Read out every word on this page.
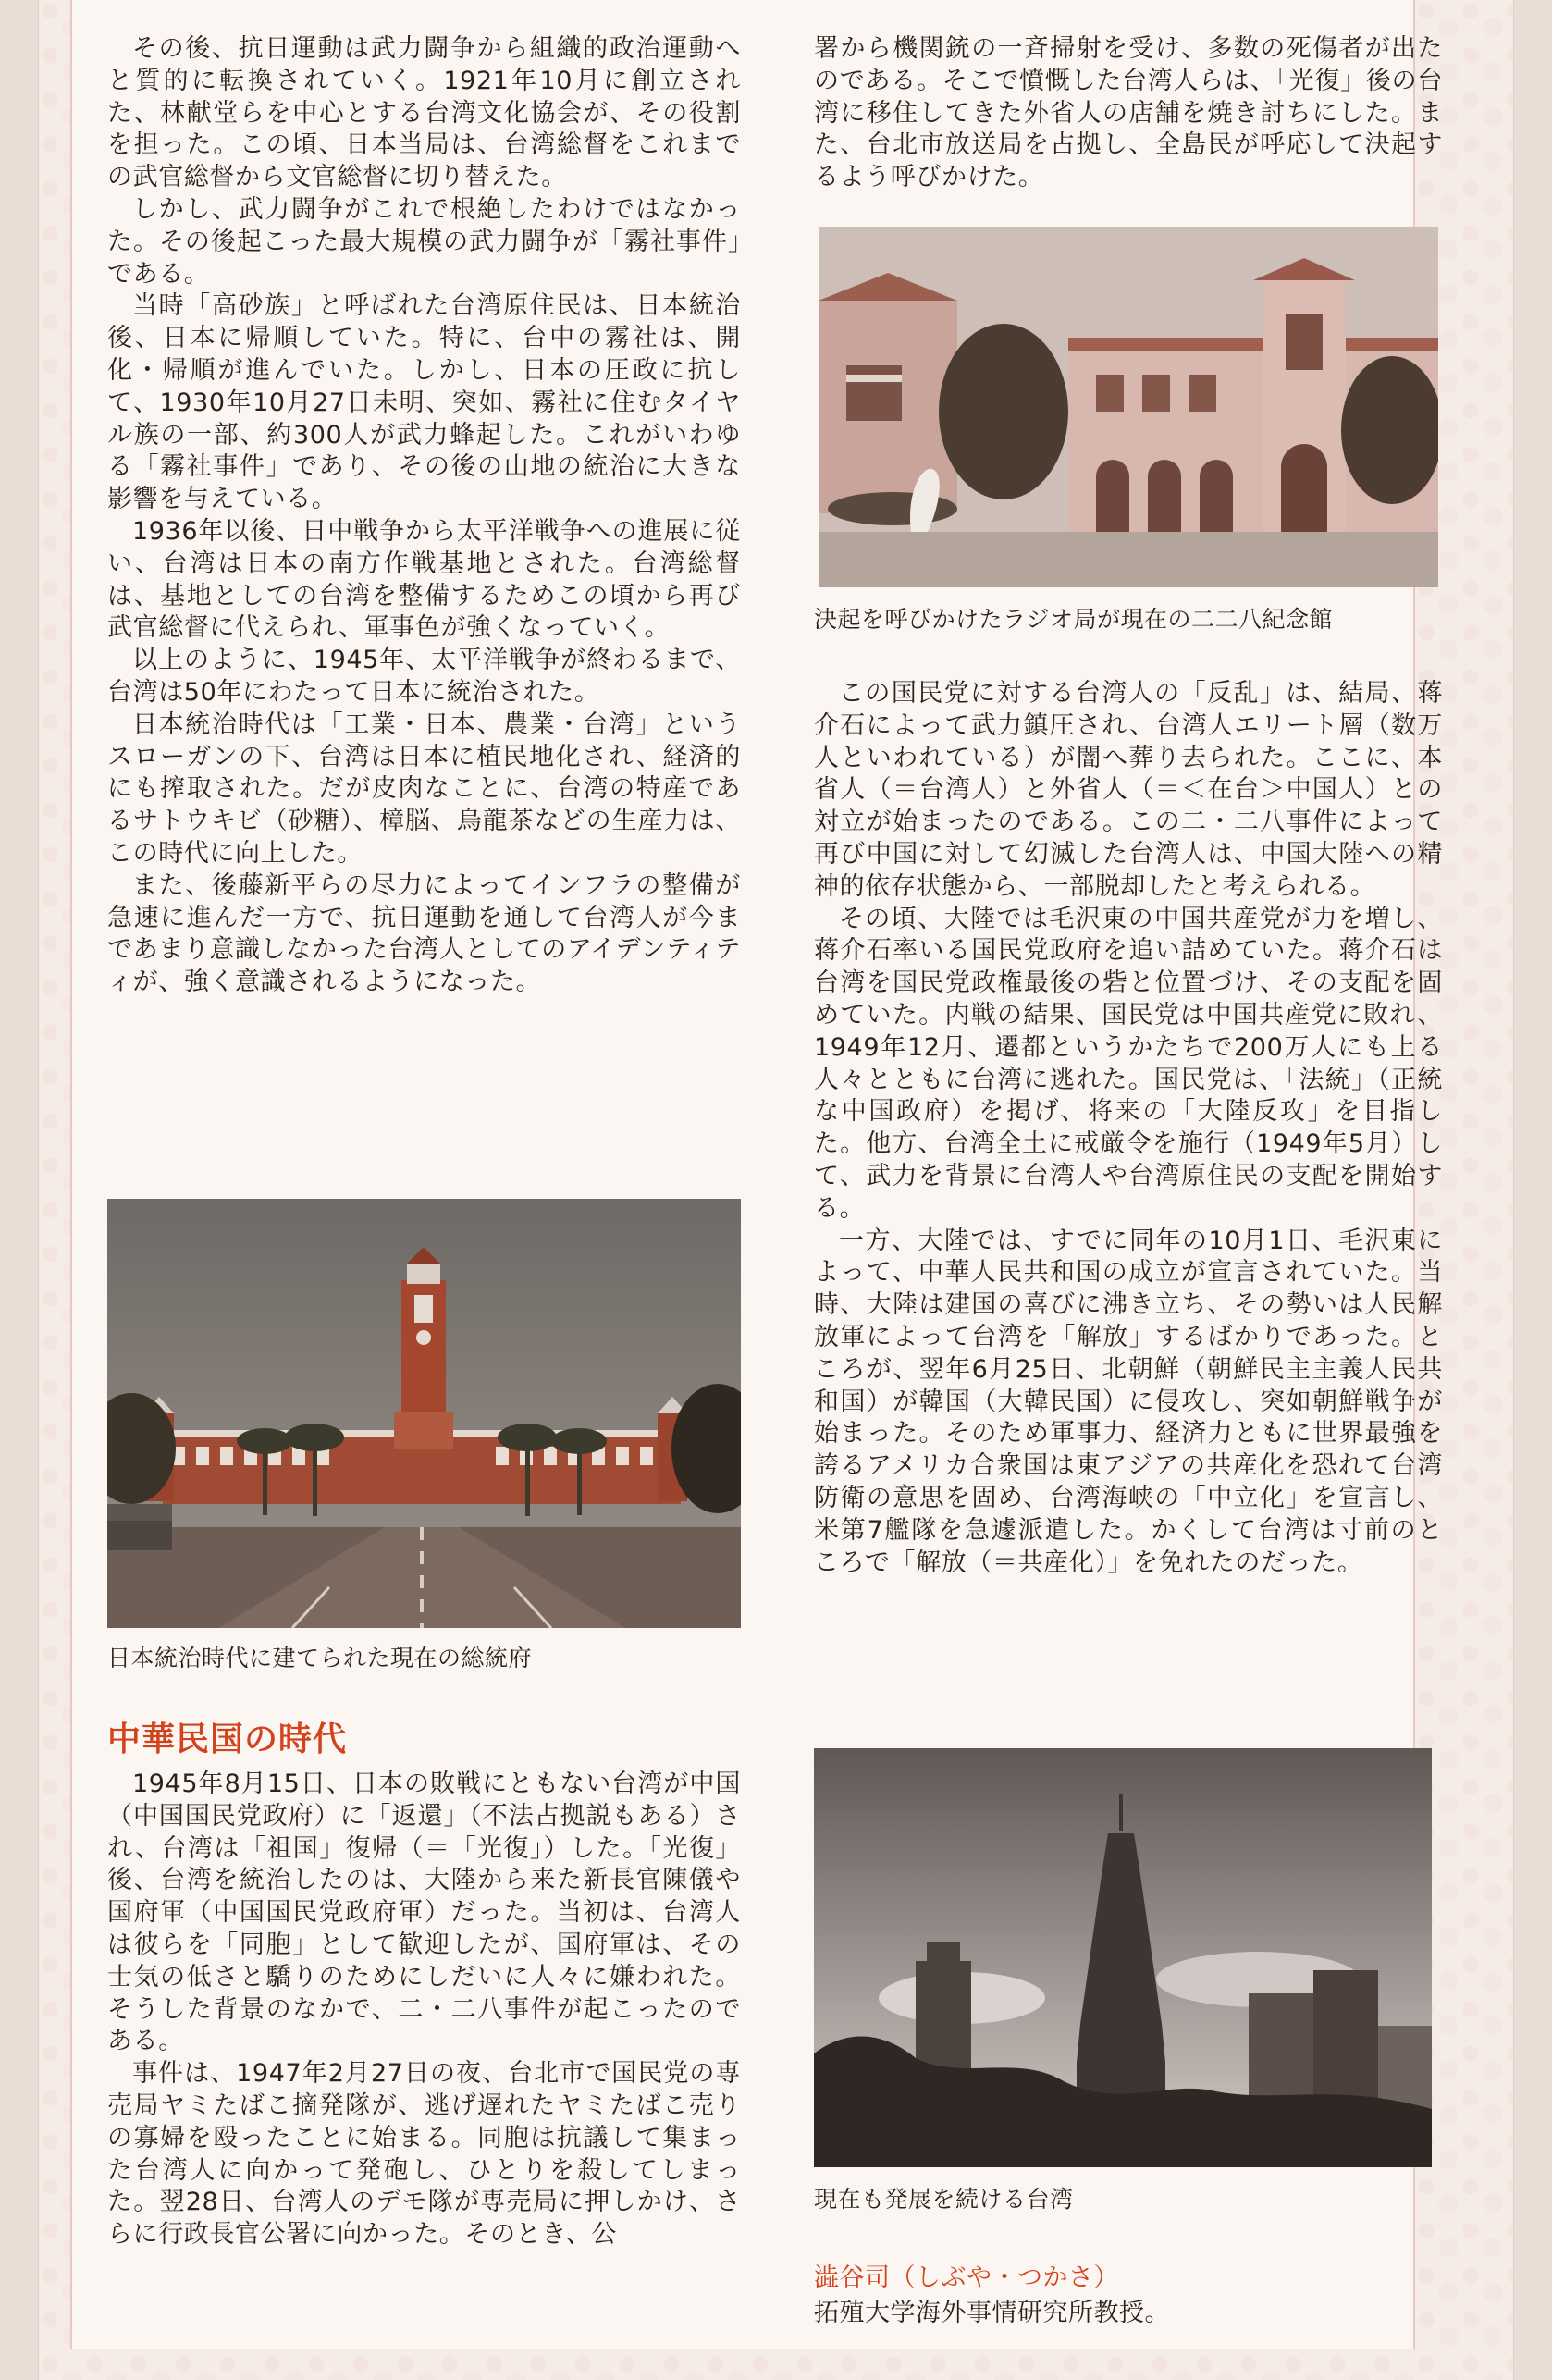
その後、抗日運動は武力闘争から組織的政治運動へと質的に転換されていく。1921年10月に創立された、林献堂らを中心とする台湾文化協会が、その役割を担った。この頃、日本当局は、台湾総督をこれまでの武官総督から文官総督に切り替えた。

しかし、武力闘争がこれで根絶したわけではなかった。その後起こった最大規模の武力闘争が「霧社事件」である。

当時「高砂族」と呼ばれた台湾原住民は、日本統治後、日本に帰順していた。特に、台中の霧社は、開化・帰順が進んでいた。しかし、日本の圧政に抗して、1930年10月27日未明、突如、霧社に住むタイヤル族の一部、約300人が武力蜂起した。これがいわゆる「霧社事件」であり、その後の山地の統治に大きな影響を与えている。

1936年以後、日中戦争から太平洋戦争への進展に従い、台湾は日本の南方作戦基地とされた。台湾総督は、基地としての台湾を整備するためこの頃から再び武官総督に代えられ、軍事色が強くなっていく。

以上のように、1945年、太平洋戦争が終わるまで、台湾は50年にわたって日本に統治された。

日本統治時代は「工業・日本、農業・台湾」というスローガンの下、台湾は日本に植民地化され、経済的にも搾取された。だが皮肉なことに、台湾の特産であるサトウキビ（砂糖）、樟脳、烏龍茶などの生産力は、この時代に向上した。

また、後藤新平らの尽力によってインフラの整備が急速に進んだ一方で、抗日運動を通して台湾人が今まであまり意識しなかった台湾人としてのアイデンティティが、強く意識されるようになった。

日本統治時代に建てられた現在の総統府
中華民国の時代

1945年8月15日、日本の敗戦にともない台湾が中国（中国国民党政府）に「返還」（不法占拠説もある）され、台湾は「祖国」復帰（＝「光復」）した。「光復」後、台湾を統治したのは、大陸から来た新長官陳儀や国府軍（中国国民党政府軍）だった。当初は、台湾人は彼らを「同胞」として歓迎したが、国府軍は、その士気の低さと驕りのためにしだいに人々に嫌われた。そうした背景のなかで、二・二八事件が起こったのである。

事件は、1947年2月27日の夜、台北市で国民党の専売局ヤミたばこ摘発隊が、逃げ遅れたヤミたばこ売りの寡婦を殴ったことに始まる。同胞は抗議して集まった台湾人に向かって発砲し、ひとりを殺してしまった。翌28日、台湾人のデモ隊が専売局に押しかけ、さらに行政長官公署に向かった。そのとき、公

署から機関銃の一斉掃射を受け、多数の死傷者が出たのである。そこで憤慨した台湾人らは、「光復」後の台湾に移住してきた外省人の店舗を焼き討ちにした。また、台北市放送局を占拠し、全島民が呼応して決起するよう呼びかけた。

決起を呼びかけたラジオ局が現在の二二八紀念館

この国民党に対する台湾人の「反乱」は、結局、蒋介石によって武力鎮圧され、台湾人エリート層（数万人といわれている）が闇へ葬り去られた。ここに、本省人（＝台湾人）と外省人（＝＜在台＞中国人）との対立が始まったのである。この二・二八事件によって再び中国に対して幻滅した台湾人は、中国大陸への精神的依存状態から、一部脱却したと考えられる。

その頃、大陸では毛沢東の中国共産党が力を増し、蒋介石率いる国民党政府を追い詰めていた。蒋介石は台湾を国民党政権最後の砦と位置づけ、その支配を固めていた。内戦の結果、国民党は中国共産党に敗れ、1949年12月、遷都というかたちで200万人にも上る人々とともに台湾に逃れた。国民党は、「法統」（正統な中国政府）を掲げ、将来の「大陸反攻」を目指した。他方、台湾全土に戒厳令を施行（1949年5月）して、武力を背景に台湾人や台湾原住民の支配を開始する。

一方、大陸では、すでに同年の10月1日、毛沢東によって、中華人民共和国の成立が宣言されていた。当時、大陸は建国の喜びに沸き立ち、その勢いは人民解放軍によって台湾を「解放」するばかりであった。ところが、翌年6月25日、北朝鮮（朝鮮民主主義人民共和国）が韓国（大韓民国）に侵攻し、突如朝鮮戦争が始まった。そのため軍事力、経済力ともに世界最強を誇るアメリカ合衆国は東アジアの共産化を恐れて台湾防衛の意思を固め、台湾海峡の「中立化」を宣言し、米第7艦隊を急遽派遣した。かくして台湾は寸前のところで「解放（＝共産化）」を免れたのだった。

現在も発展を続ける台湾
澁谷司（しぶや・つかさ）
拓殖大学海外事情研究所教授。
